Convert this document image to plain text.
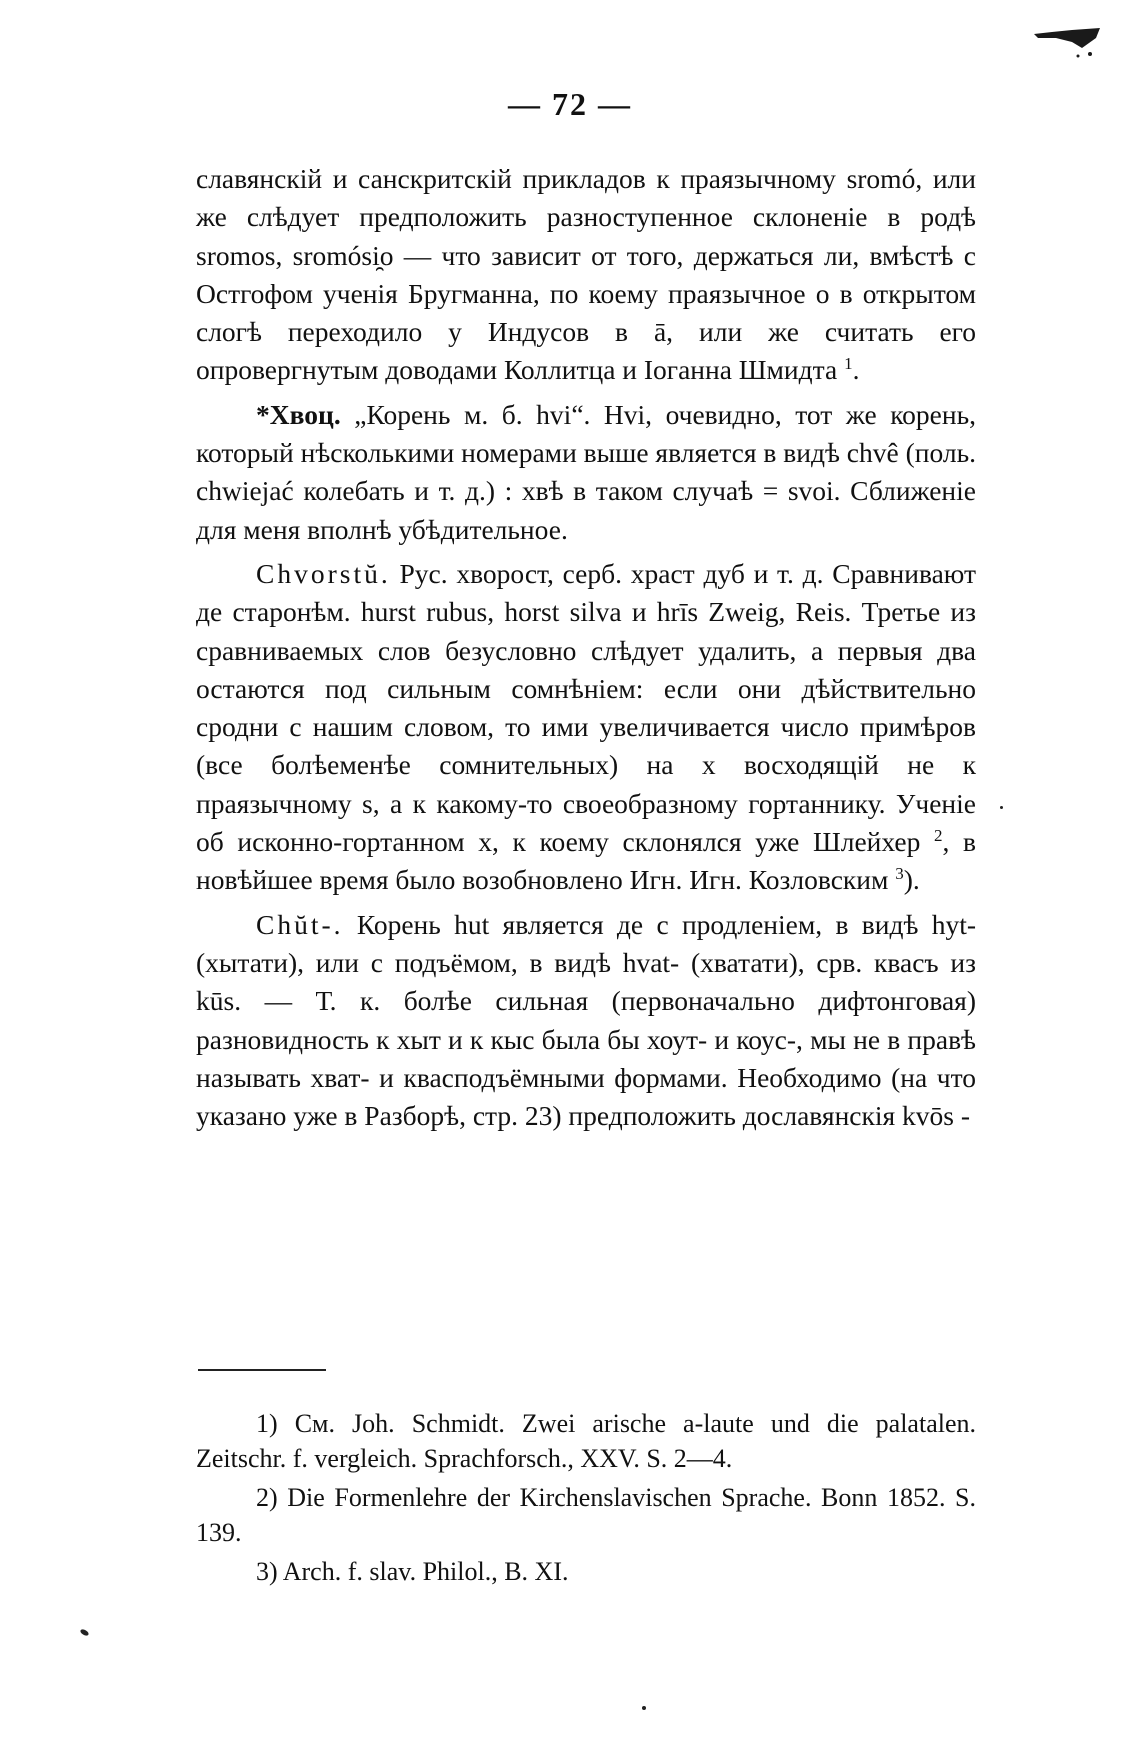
— 72 —

славянскій и санскритскій прикладов к праязычному sromó, или же слѣдует предположить разноступенное склоненіе в родѣ sromos, sromósi̯o — что зависит от того, держаться ли, вмѣстѣ с Остгофом ученія Бругманна, по коему праязычное o в открытом слогѣ переходило у Индусов в ā, или же считать его опровергнутым доводами Коллитца и Іоганна Шмидта $^1$.

*Хвоц. „Корень м. б. hvi“. Hvi, очевидно, тот же корень, который нѣсколькими номерами выше является в видѣ chvê (поль. chwiejać колебать и т. д.) : хвѣ в таком случаѣ = svoi. Сближеніе для меня вполнѣ убѣдительное.

Chvorstŭ. Рус. хворост, серб. храст дуб и т. д. Сравнивают де старонѣм. hurst rubus, horst silva и hrīs Zweig, Reis. Третье из сравниваемых слов безусловно слѣдует удалить, а первыя два остаются под сильным сомнѣніем: если они дѣйствительно сродни с нашим словом, то ими увеличивается число примѣров (все болѣеменѣе сомнительных) на х восходящій не к праязычному s, а к какому-то своеобразному гортаннику. Ученіе об исконно-гортанном х, к коему склонялся уже Шлейхер $^2$, в новѣйшее время было возобновлено Игн. Игн. Козловским $^3$).

Chŭt-. Корень hut является де с продленіем, в видѣ hyt- (хытати), или с подъёмом, в видѣ hvat- (хватати), срв. квасъ из kūs. — Т. к. болѣе сильная (первоначально дифтонговая) разновидность к хыт и к кыс была бы хоут- и коус-, мы не в правѣ называть хват- и квасподъёмными формами. Необходимо (на что указано уже в Разборѣ, стр. 23) предположить дославянскія kvōs -

1) См. Joh. Schmidt. Zwei arische a-laute und die palatalen. Zeitschr. f. vergleich. Sprachforsch., XXV. S. 2—4.

2) Die Formenlehre der Kirchenslavischen Sprache. Bonn 1852. S. 139.

3) Arch. f. slav. Philol., B. XI.
